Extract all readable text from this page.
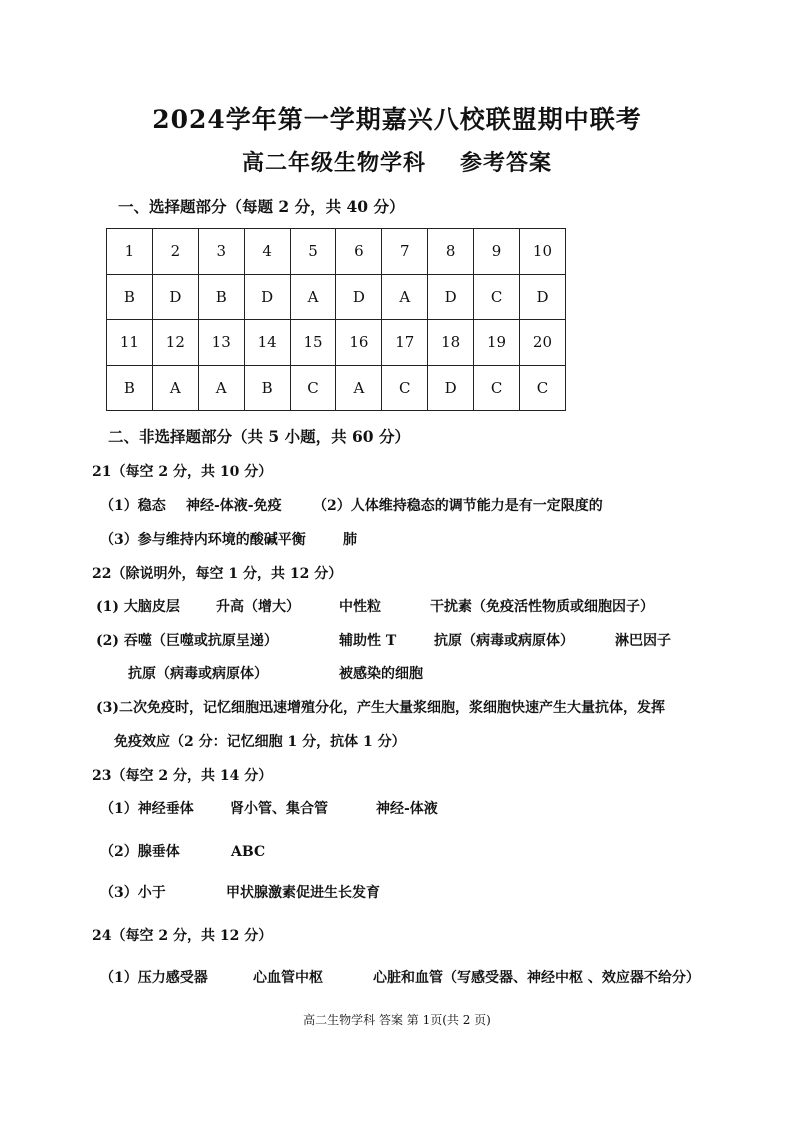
2024学年第一学期嘉兴八校联盟期中联考
高二年级生物学科 参考答案
一、选择题部分（每题 2 分，共 40 分）
1	2	3	4	5	6	7	8	9	10
B	D	B	D	A	D	A	D	C	D
11	12	13	14	15	16	17	18	19	20
B	A	A	B	C	A	C	D	C	C
二、非选择题部分（共 5 小题，共 60 分）
21（每空 2 分，共 10 分）
（1）稳态 神经-体液-免疫 （2）人体维持稳态的调节能力是有一定限度的
（3）参与维持内环境的酸碱平衡	肺
22（除说明外，每空 1 分，共 12 分）
(1) 大脑皮层	升高（增大）	中性粒	干扰素（免疫活性物质或细胞因子）
(2) 吞噬（巨噬或抗原呈递）	辅助性 T	抗原（病毒或病原体）	淋巴因子
抗原（病毒或病原体）	被感染的细胞
(3)二次免疫时，记忆细胞迅速增殖分化，产生大量浆细胞，浆细胞快速产生大量抗体，发挥
免疫效应（2 分：记忆细胞 1 分，抗体 1 分）
23（每空 2 分，共 14 分）
（1）神经垂体	肾小管、集合管	神经-体液
（2）腺垂体	ABC
（3）小于	甲状腺激素促进生长发育
24（每空 2 分，共 12 分）
（1）压力感受器	心血管中枢	心脏和血管（写感受器、神经中枢 、效应器不给分）
高二生物学科 答案 第 1页(共 2 页)
